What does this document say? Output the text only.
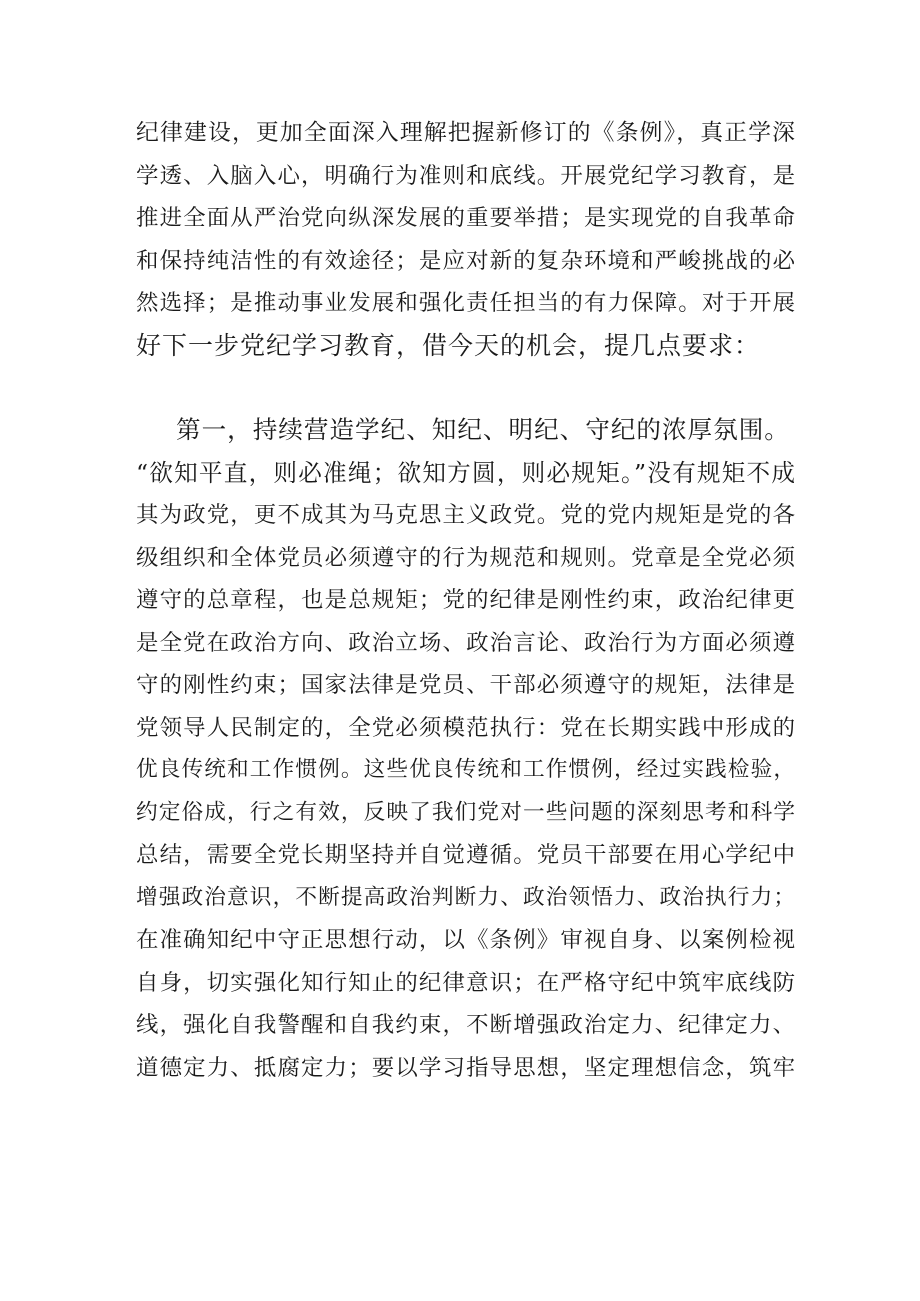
纪律建设，更加全面深入理解把握新修订的《条例》，真正学深
学透、入脑入心，明确行为准则和底线。开展党纪学习教育，是
推进全面从严治党向纵深发展的重要举措；是实现党的自我革命
和保持纯洁性的有效途径；是应对新的复杂环境和严峻挑战的必
然选择；是推动事业发展和强化责任担当的有力保障。对于开展
好下一步党纪学习教育，借今天的机会，提几点要求：
第一，持续营造学纪、知纪、明纪、守纪的浓厚氛围。
“欲知平直，则必准绳；欲知方圆，则必规矩。”没有规矩不成
其为政党，更不成其为马克思主义政党。党的党内规矩是党的各
级组织和全体党员必须遵守的行为规范和规则。党章是全党必须
遵守的总章程，也是总规矩；党的纪律是刚性约束，政治纪律更
是全党在政治方向、政治立场、政治言论、政治行为方面必须遵
守的刚性约束；国家法律是党员、干部必须遵守的规矩，法律是
党领导人民制定的，全党必须模范执行：党在长期实践中形成的
优良传统和工作惯例。这些优良传统和工作惯例，经过实践检验，
约定俗成，行之有效，反映了我们党对一些问题的深刻思考和科学
总结，需要全党长期坚持并自觉遵循。党员干部要在用心学纪中
增强政治意识，不断提高政治判断力、政治领悟力、政治执行力；
在准确知纪中守正思想行动，以《条例》审视自身、以案例检视
自身，切实强化知行知止的纪律意识；在严格守纪中筑牢底线防
线，强化自我警醒和自我约束，不断增强政治定力、纪律定力、
道德定力、抵腐定力；要以学习指导思想，坚定理想信念，筑牢
